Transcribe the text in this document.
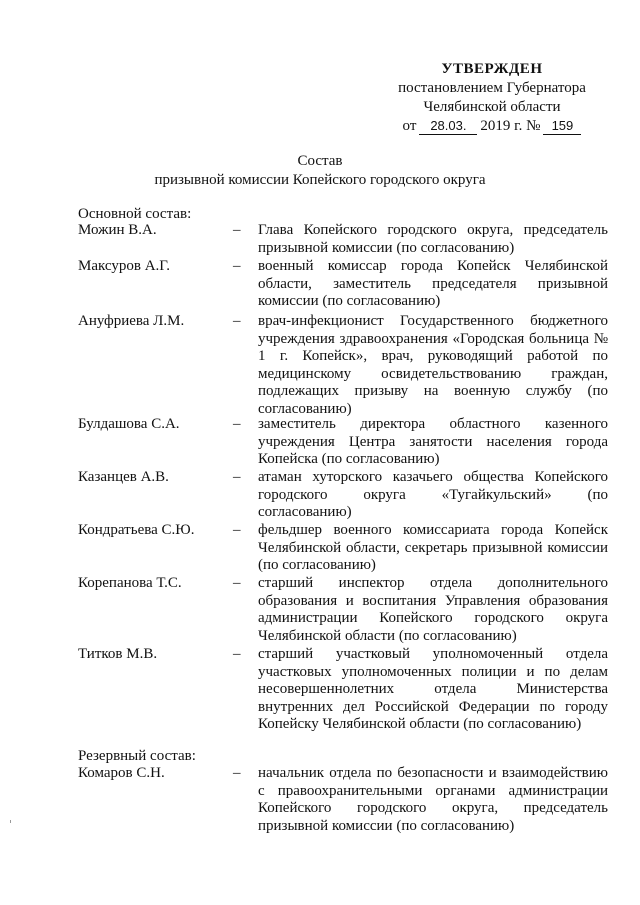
УТВЕРЖДЕН
постановлением Губернатора
Челябинской области
от	28.03. 2019 г. № 159
Состав
призывной комиссии Копейского городского округа
Основной состав:
Можин В.А.	– Глава Копейского городского округа, председатель призывной комиссии (по согласованию)
Максуров А.Г.	– военный комиссар города Копейск Челябинской области, заместитель председателя призывной комиссии (по согласованию)
Ануфриева Л.М.	– врач-инфекционист Государственного бюджетного учреждения здравоохранения «Городская больница № 1 г. Копейск», врач, руководящий работой по медицинскому освидетельствованию граждан, подлежащих призыву на военную службу (по согласованию)
Булдашова С.А.	– заместитель директора областного казенного учреждения Центра занятости населения города Копейска (по согласованию)
Казанцев А.В.	– атаман хуторского казачьего общества Копейского городского округа «Тугайкульский» (по согласованию)
Кондратьева С.Ю.	– фельдшер военного комиссариата города Копейск Челябинской области, секретарь призывной комиссии (по согласованию)
Корепанова Т.С.	– старший инспектор отдела дополнительного образования и воспитания Управления образования администрации Копейского городского округа Челябинской области (по согласованию)
Титков М.В.	– старший участковый уполномоченный отдела участковых уполномоченных полиции и по делам несовершеннолетних отдела Министерства внутренних дел Российской Федерации по городу Копейску Челябинской области (по согласованию)
Резервный состав:
Комаров С.Н.	– начальник отдела по безопасности и взаимодействию с правоохранительными органами администрации Копейского городского округа, председатель призывной комиссии (по согласованию)
